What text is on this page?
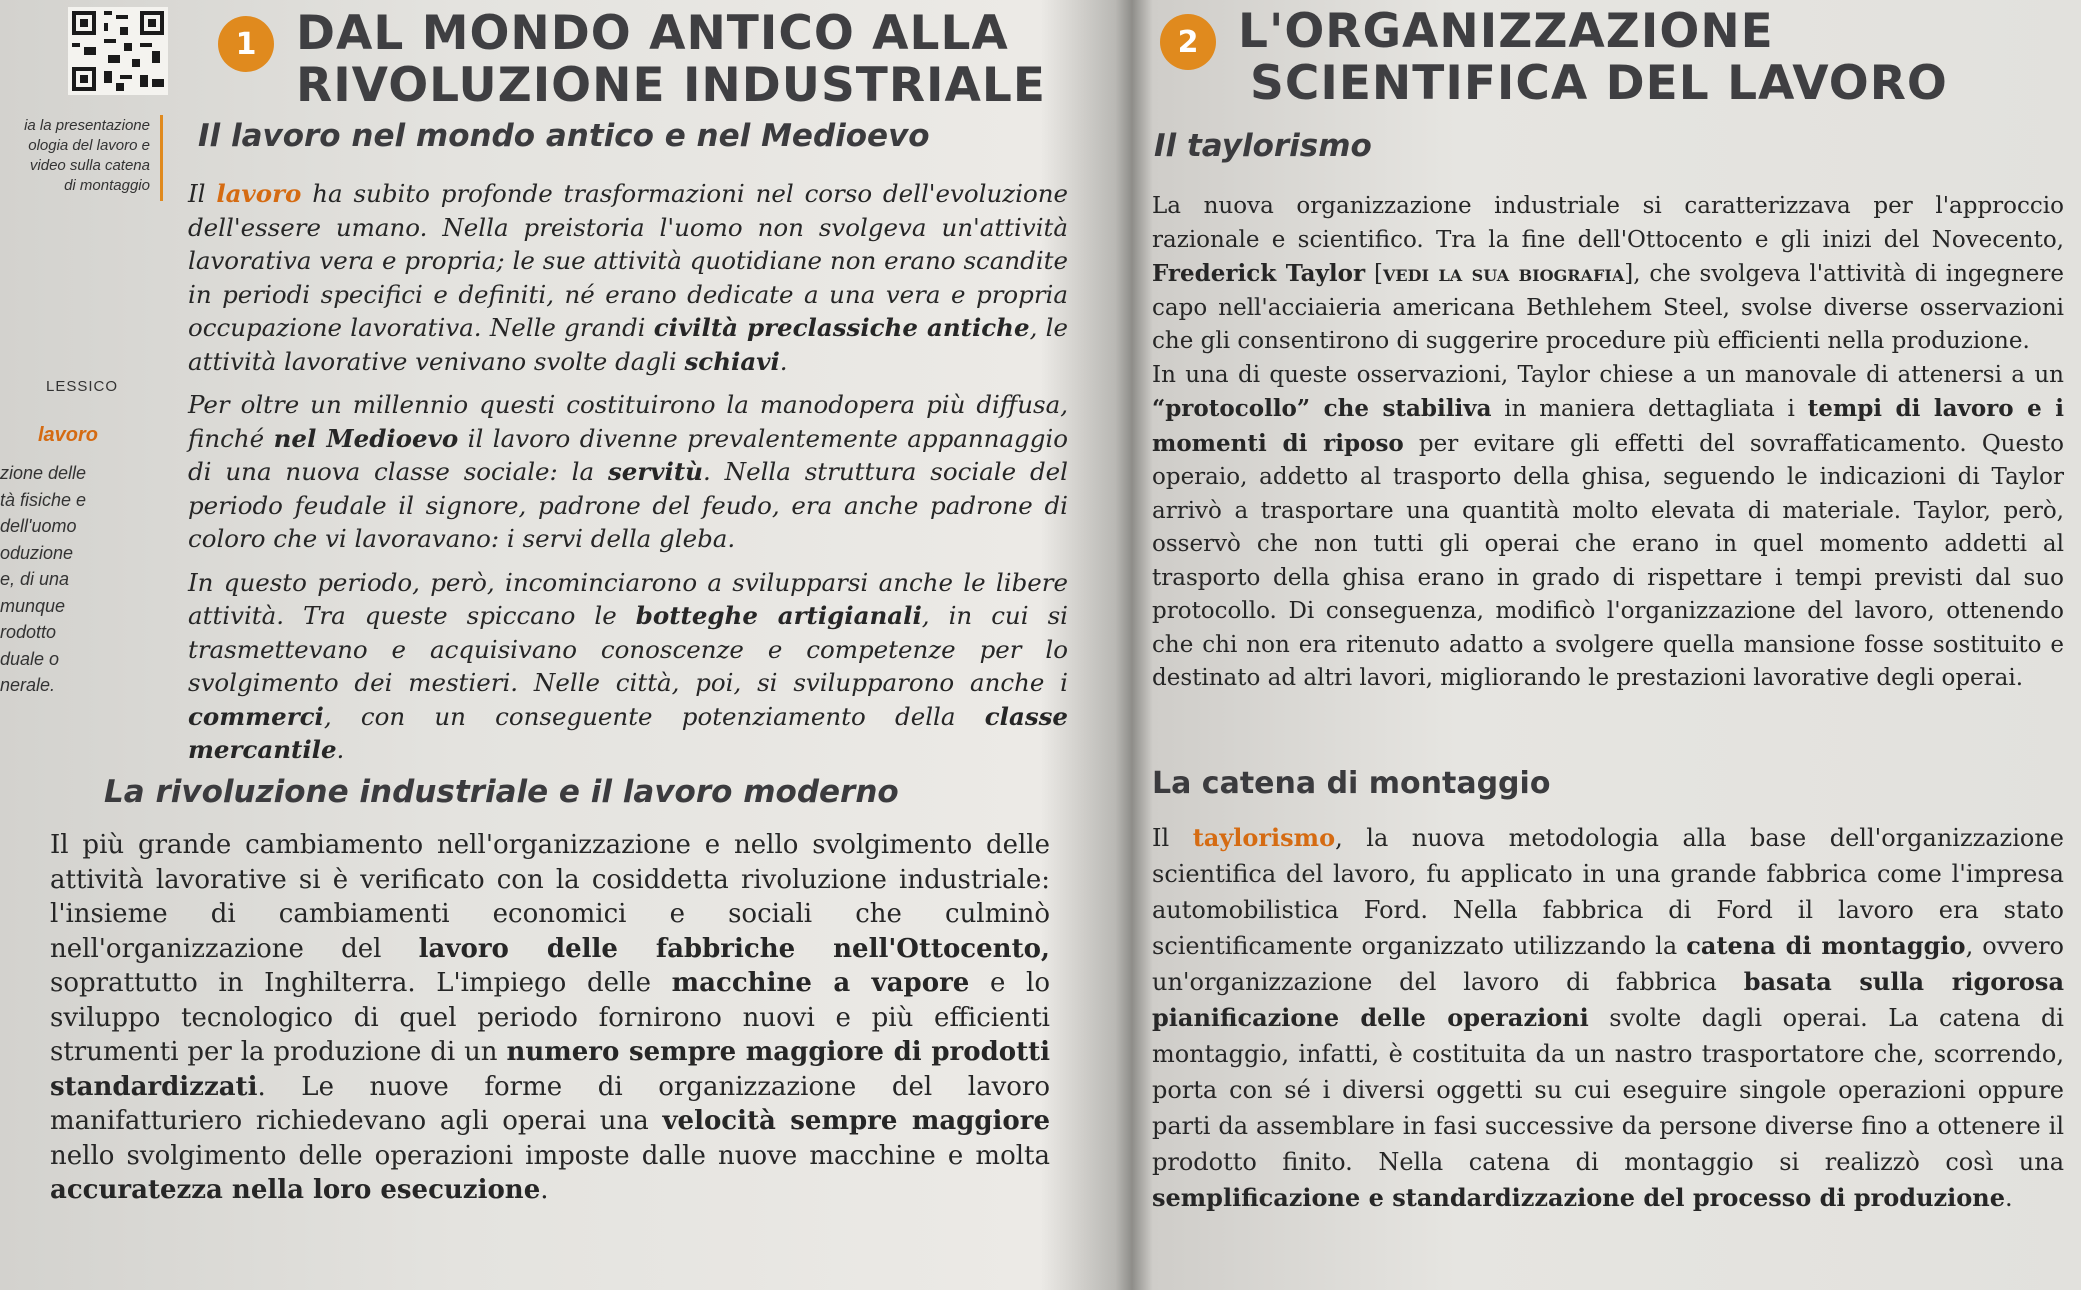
ia la presentazione
ologia del lavoro e
video sulla catena
di montaggio
1 DAL MONDO ANTICO ALLA
RIVOLUZIONE INDUSTRIALE
Il lavoro nel mondo antico e nel Medioevo

Il lavoro ha subito profonde trasformazioni nel corso dell'evoluzione dell'essere umano. Nella preistoria l'uomo non svolgeva un'attività lavorativa vera e propria; le sue attività quotidiane non erano scandite in periodi specifici e definiti, né erano dedicate a una vera e propria occupazione lavorativa. Nelle grandi civiltà preclassiche antiche, le attività lavorative venivano svolte dagli schiavi.

Per oltre un millennio questi costituirono la manodopera più diffusa, finché nel Medioevo il lavoro divenne prevalentemente appannaggio di una nuova classe sociale: la servitù. Nella struttura sociale del periodo feudale il signore, padrone del feudo, era anche padrone di coloro che vi lavoravano: i servi della gleba.

In questo periodo, però, incominciarono a svilupparsi anche le libere attività. Tra queste spiccano le botteghe artigianali, in cui si trasmettevano e acquisivano conoscenze e competenze per lo svolgimento dei mestieri. Nelle città, poi, si svilupparono anche i commerci, con un conseguente potenziamento della classe mercantile.

LESSICO
lavoro
zione delle
tà fisiche e
dell'uomo
oduzione
e, di una
munque
rodotto
duale o
nerale.
La rivoluzione industriale e il lavoro moderno

Il più grande cambiamento nell'organizzazione e nello svolgimento delle attività lavorative si è verificato con la cosiddetta rivoluzione industriale: l'insieme di cambiamenti economici e sociali che culminò nell'organizzazione del lavoro delle fabbriche nell'Ottocento, soprattutto in Inghilterra. L'impiego delle macchine a vapore e lo sviluppo tecnologico di quel periodo fornirono nuovi e più efficienti strumenti per la produzione di un numero sempre maggiore di prodotti standardizzati. Le nuove forme di organizzazione del lavoro manifatturiero richiedevano agli operai una velocità sempre maggiore nello svolgimento delle operazioni imposte dalle nuove macchine e molta accuratezza nella loro esecuzione.

2 L'ORGANIZZAZIONE
SCIENTIFICA DEL LAVORO
Il taylorismo

La nuova organizzazione industriale si caratterizzava per l'approccio razionale e scientifico. Tra la fine dell'Ottocento e gli inizi del Novecento, Frederick Taylor [vedi la sua biografia], che svolgeva l'attività di ingegnere capo nell'acciaieria americana Bethlehem Steel, svolse diverse osservazioni che gli consentirono di suggerire procedure più efficienti nella produzione.

In una di queste osservazioni, Taylor chiese a un manovale di attenersi a un “protocollo” che stabiliva in maniera dettagliata i tempi di lavoro e i momenti di riposo per evitare gli effetti del sovraffaticamento. Questo operaio, addetto al trasporto della ghisa, seguendo le indicazioni di Taylor arrivò a trasportare una quantità molto elevata di materiale. Taylor, però, osservò che non tutti gli operai che erano in quel momento addetti al trasporto della ghisa erano in grado di rispettare i tempi previsti dal suo protocollo. Di conseguenza, modificò l'organizzazione del lavoro, ottenendo che chi non era ritenuto adatto a svolgere quella mansione fosse sostituito e destinato ad altri lavori, migliorando le prestazioni lavorative degli operai.

La catena di montaggio

Il taylorismo, la nuova metodologia alla base dell'organizzazione scientifica del lavoro, fu applicato in una grande fabbrica come l'impresa automobilistica Ford. Nella fabbrica di Ford il lavoro era stato scientificamente organizzato utilizzando la catena di montaggio, ovvero un'organizzazione del lavoro di fabbrica basata sulla rigorosa pianificazione delle operazioni svolte dagli operai. La catena di montaggio, infatti, è costituita da un nastro trasportatore che, scorrendo, porta con sé i diversi oggetti su cui eseguire singole operazioni oppure parti da assemblare in fasi successive da persone diverse fino a ottenere il prodotto finito. Nella catena di montaggio si realizzò così una semplificazione e standardizzazione del processo di produzione.
